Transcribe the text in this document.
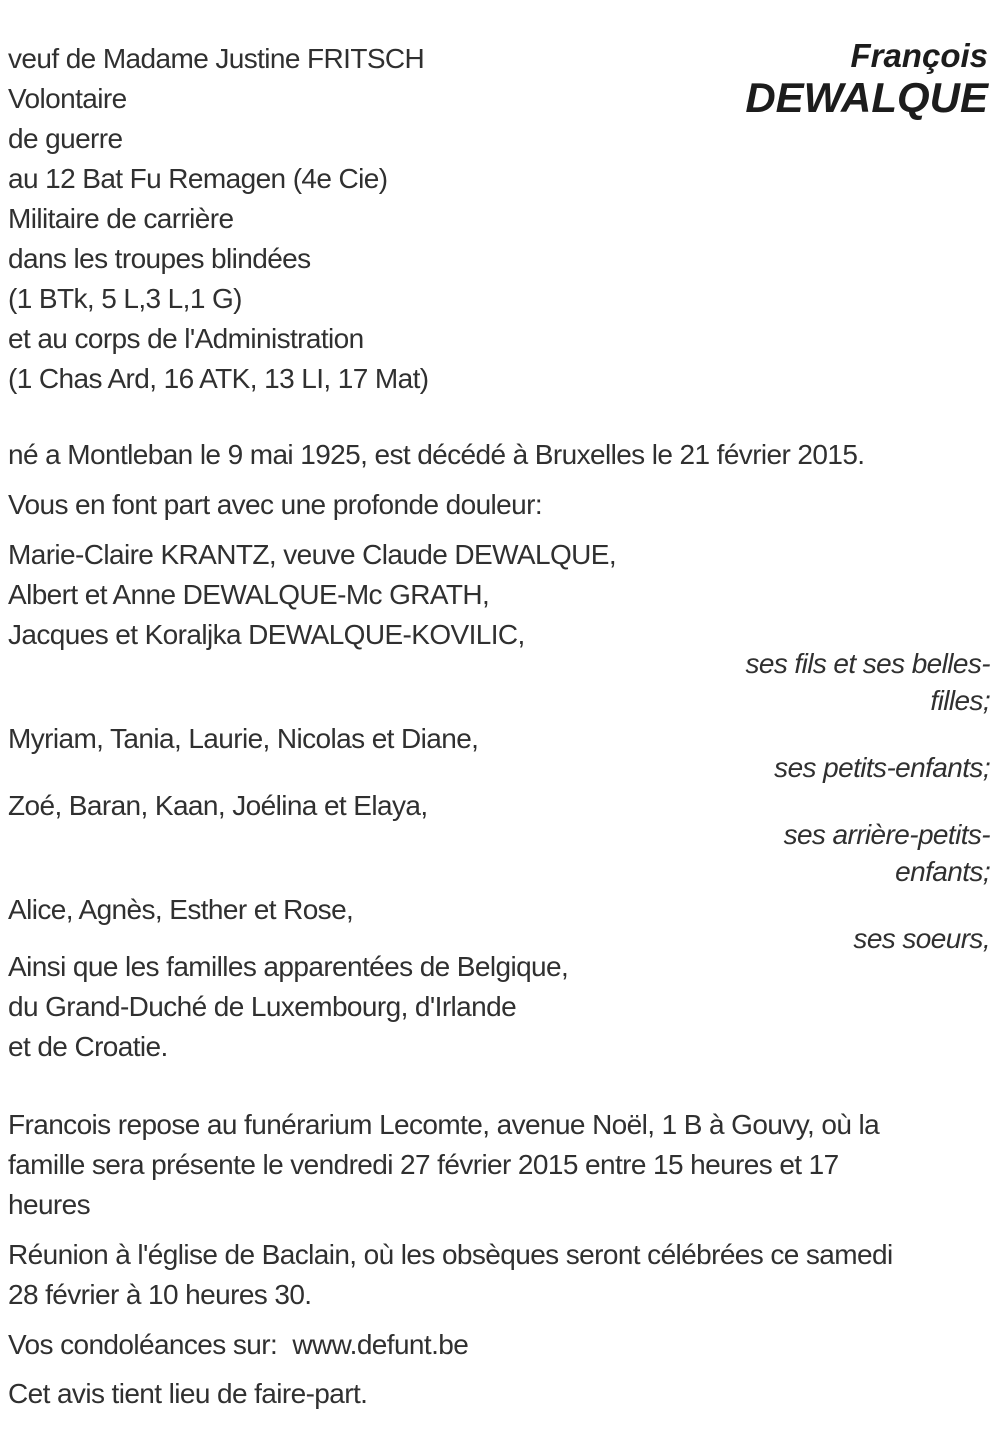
François
DEWALQUE
veuf de Madame Justine FRITSCH
Volontaire
de guerre
au 12 Bat Fu Remagen (4e Cie)
Militaire de carrière
dans les troupes blindées
(1 BTk, 5 L,3 L,1 G)
et au corps de l'Administration
(1 Chas Ard, 16 ATK, 13 LI, 17 Mat)
né a Montleban le 9 mai 1925, est décédé à Bruxelles le 21 février 2015.
Vous en font part avec une profonde douleur:
Marie-Claire KRANTZ, veuve Claude DEWALQUE,
Albert et Anne DEWALQUE-Mc GRATH,
Jacques et Koraljka DEWALQUE-KOVILIC,
ses fils et ses belles-
filles;
Myriam, Tania, Laurie, Nicolas et Diane,
ses petits-enfants;
Zoé, Baran, Kaan, Joélina et Elaya,
ses arrière-petits-
enfants;
Alice, Agnès, Esther et Rose,
ses soeurs,
Ainsi que les familles apparentées de Belgique,
du Grand-Duché de Luxembourg, d'Irlande
et de Croatie.
Francois repose au funérarium Lecomte, avenue Noël, 1 B à Gouvy, où la
famille sera présente le vendredi 27 février 2015 entre 15 heures et 17
heures
Réunion à l'église de Baclain, où les obsèques seront célébrées ce samedi
28 février à 10 heures 30.
Vos condoléances sur: www.defunt.be
Cet avis tient lieu de faire-part.
